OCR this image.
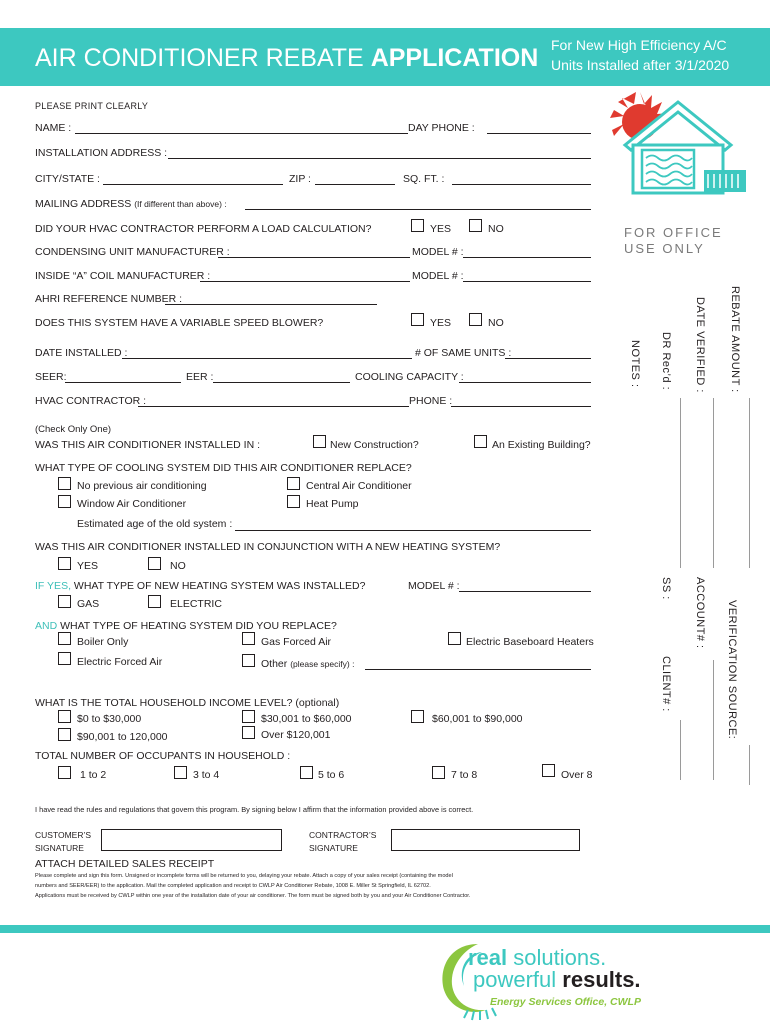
AIR CONDITIONER REBATE APPLICATION For New High Efficiency A/C
Units Installed after 3/1/2020
PLEASE PRINT CLEARLY
NAME :	DAY PHONE :
INSTALLATION ADDRESS :
CITY/STATE :	ZIP :	SQ. FT. :
MAILING ADDRESS (If different than above) :
DID YOUR HVAC CONTRACTOR PERFORM A LOAD CALCULATION?	YES	NO
CONDENSING UNIT MANUFACTURER :	MODEL # :
INSIDE “A” COIL MANUFACTURER :	MODEL # :
AHRI REFERENCE NUMBER :
DOES THIS SYSTEM HAVE A VARIABLE SPEED BLOWER?	YES	NO
DATE INSTALLED :	# OF SAME UNITS :
SEER:	EER :	COOLING CAPACITY :
HVAC CONTRACTOR :	PHONE :
(Check Only One)
WAS THIS AIR CONDITIONER INSTALLED IN :	New Construction?	An Existing Building?
WHAT TYPE OF COOLING SYSTEM DID THIS AIR CONDITIONER REPLACE?
No previous air conditioning	Central Air Conditioner
Window Air Conditioner	Heat Pump
Estimated age of the old system :
WAS THIS AIR CONDITIONER INSTALLED IN CONJUNCTION WITH A NEW HEATING SYSTEM?
YES	NO
IF YES, WHAT TYPE OF NEW HEATING SYSTEM WAS INSTALLED?	MODEL # :
GAS	ELECTRIC
AND WHAT TYPE OF HEATING SYSTEM DID YOU REPLACE?
Boiler Only	Gas Forced Air	Electric Baseboard Heaters
Electric Forced Air	Other (please specify) :
WHAT IS THE TOTAL HOUSEHOLD INCOME LEVEL? (optional)
$0 to $30,000	$30,001 to $60,000	$60,001 to $90,000
$90,001 to 120,000	Over $120,001
TOTAL NUMBER OF OCCUPANTS IN HOUSEHOLD :
1 to 2	3 to 4	5 to 6	7 to 8	Over 8
I have read the rules and regulations that govern this program. By signing below I affirm that the information provided above is correct.
CUSTOMER’S
SIGNATURE
CONTRACTOR’S
SIGNATURE
ATTACH DETAILED SALES RECEIPT
Please complete and sign this form. Unsigned or incomplete forms will be returned to you, delaying your rebate. Attach a copy of your sales receipt (containing the model
numbers and SEER/EER) to the application. Mail the completed application and receipt to CWLP Air Conditioner Rebate, 1008 E. Miller St Springfield, IL 62702.
Applications must be received by CWLP within one year of the installation date of your air conditioner. The form must be signed both by you and your Air Conditioner Contractor.
FOR OFFICE
USE ONLY
REBATE AMOUNT :
DATE VERIFIED :
DR Rec’d :
NOTES :
VERIFICATION SOURCE:
ACCOUNT# :
SS :
CLIENT# :
real solutions.
powerful results.
Energy Services Office, CWLP
